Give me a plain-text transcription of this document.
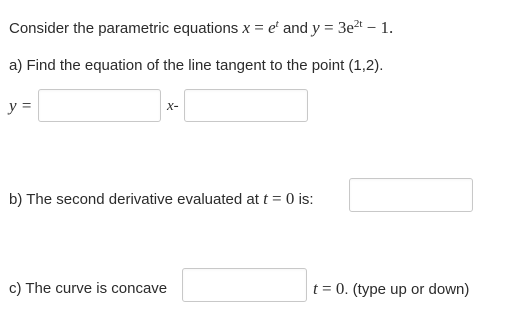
Consider the parametric equations $x = e^t$ and $y = 3e^{2t} - 1$.
a) Find the equation of the line tangent to the point (1,2).
y =	x-
b) The second derivative evaluated at t = 0 is:
c) The curve is concave	t = 0. (type up or down)
